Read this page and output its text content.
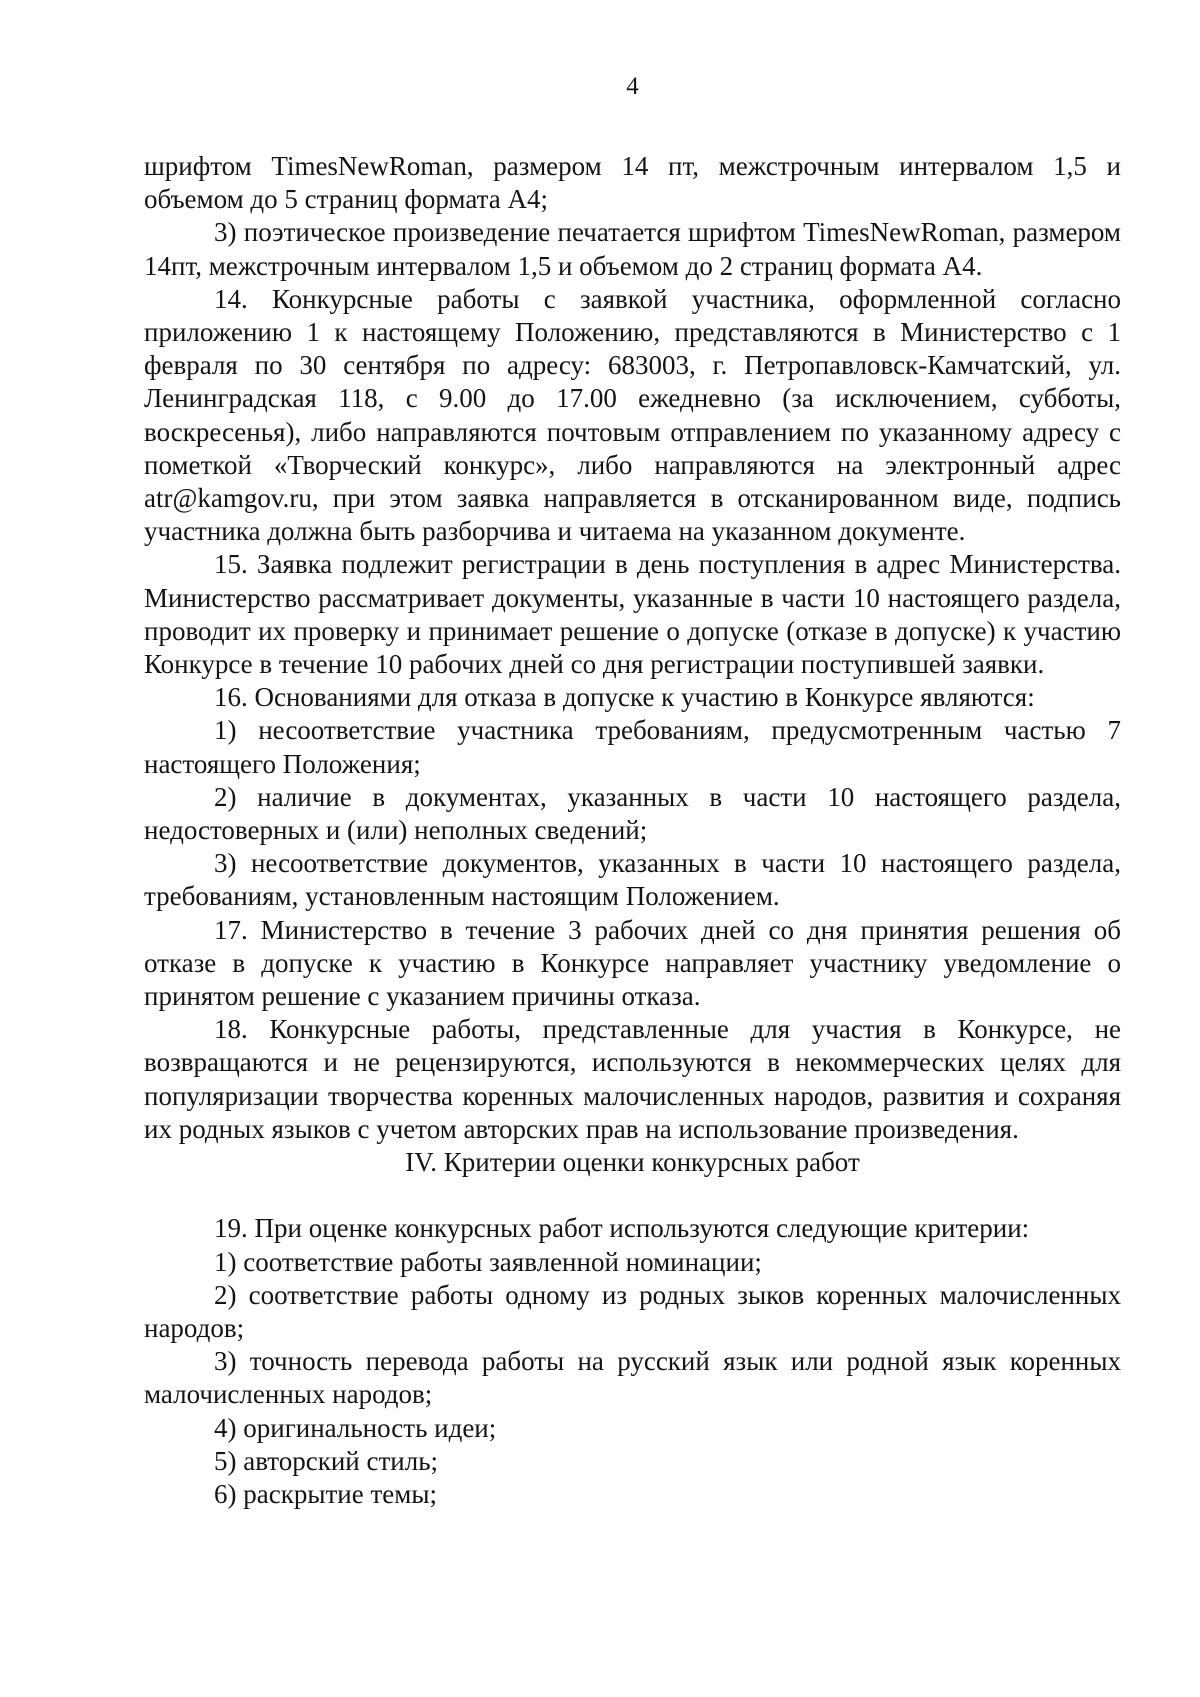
4

шрифтом TimesNewRoman, размером 14 пт, межстрочным интервалом 1,5 и объемом до 5 страниц формата А4;

3) поэтическое произведение печатается шрифтом TimesNewRoman, размером 14пт, межстрочным интервалом 1,5 и объемом до 2 страниц формата А4.

14. Конкурсные работы с заявкой участника, оформленной согласно приложению 1 к настоящему Положению, представляются в Министерство с 1 февраля по 30 сентября по адресу: 683003, г. Петропавловск-Камчатский, ул. Ленинградская 118, с 9.00 до 17.00 ежедневно (за исключением, субботы, воскресенья), либо направляются почтовым отправлением по указанному адресу с пометкой «Творческий конкурс», либо направляются на электронный адрес atr@kamgov.ru, при этом заявка направляется в отсканированном виде, подпись участника должна быть разборчива и читаема на указанном документе.

15. Заявка подлежит регистрации в день поступления в адрес Министерства. Министерство рассматривает документы, указанные в части 10 настоящего раздела, проводит их проверку и принимает решение о допуске (отказе в допуске) к участию Конкурсе в течение 10 рабочих дней со дня регистрации поступившей заявки.

16. Основаниями для отказа в допуске к участию в Конкурсе являются:

1) несоответствие участника требованиям, предусмотренным частью 7 настоящего Положения;

2) наличие в документах, указанных в части 10 настоящего раздела, недостоверных и (или) неполных сведений;

3) несоответствие документов, указанных в части 10 настоящего раздела, требованиям, установленным настоящим Положением.

17. Министерство в течение 3 рабочих дней со дня принятия решения об отказе в допуске к участию в Конкурсе направляет участнику уведомление о принятом решение с указанием причины отказа.

18. Конкурсные работы, представленные для участия в Конкурсе, не возвращаются и не рецензируются, используются в некоммерческих целях для популяризации творчества коренных малочисленных народов, развития и сохраняя их родных языков с учетом авторских прав на использование произведения.

IV. Критерии оценки конкурсных работ

19. При оценке конкурсных работ используются следующие критерии:

1) соответствие работы заявленной номинации;

2) соответствие работы одному из родных зыков коренных малочисленных народов;

3) точность перевода работы на русский язык или родной язык коренных малочисленных народов;

4) оригинальность идеи;

5) авторский стиль;

6) раскрытие темы;
